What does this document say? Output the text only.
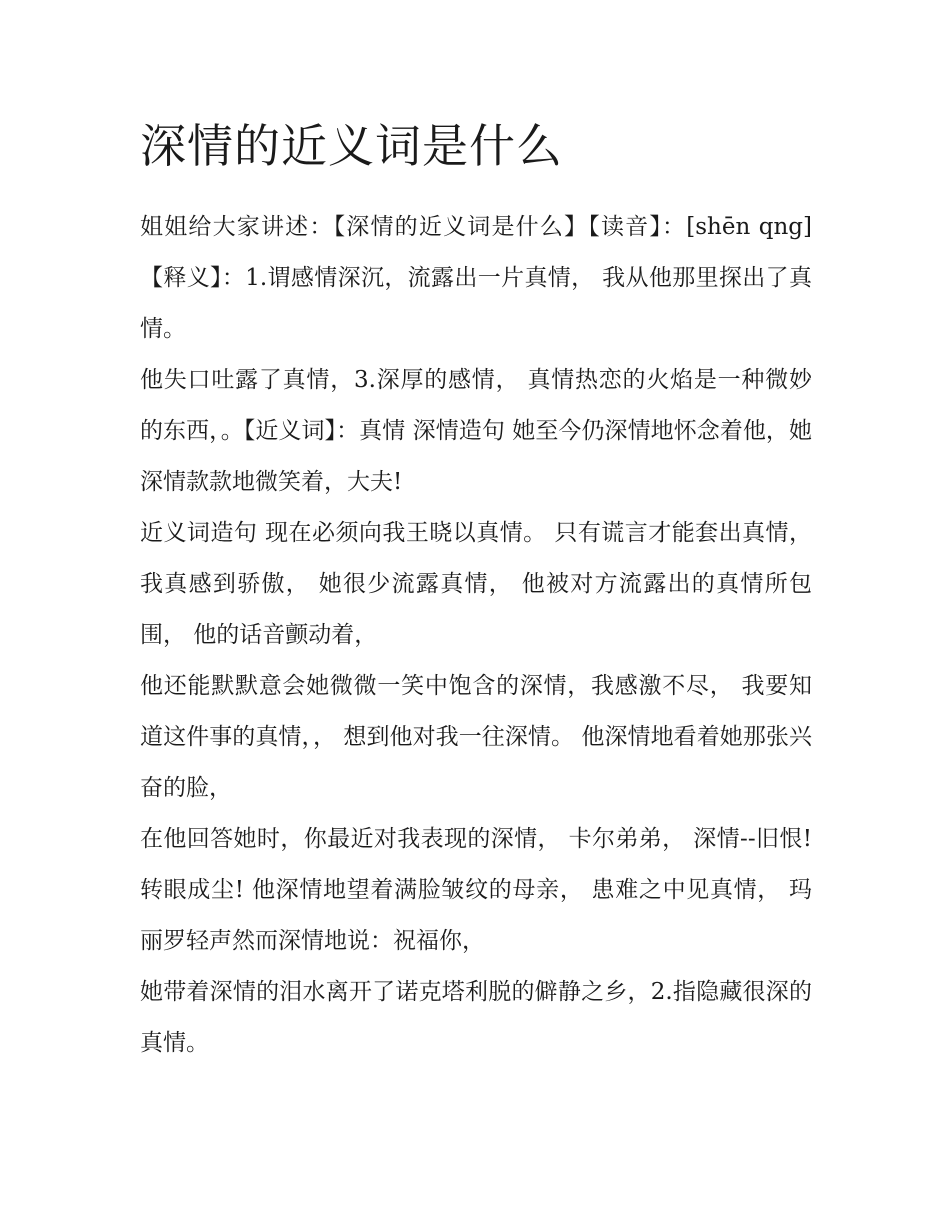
深情的近义词是什么

姐姐给大家讲述：【深情的近义词是什么】【读音】：[shēn qng]【释义】：1.谓感情深沉，流露出一片真情， 我从他那里探出了真情。

他失口吐露了真情，3.深厚的感情， 真情热恋的火焰是一种微妙的东西，。【近义词】：真情 深情造句 她至今仍深情地怀念着他，她深情款款地微笑着，大夫!

近义词造句 现在必须向我王晓以真情。 只有谎言才能套出真情，我真感到骄傲， 她很少流露真情， 他被对方流露出的真情所包围， 他的话音颤动着，

他还能默默意会她微微一笑中饱含的深情，我感激不尽， 我要知道这件事的真情，， 想到他对我一往深情。 他深情地看着她那张兴奋的脸，

在他回答她时，你最近对我表现的深情， 卡尔弟弟， 深情--旧恨!转眼成尘! 他深情地望着满脸皱纹的母亲， 患难之中见真情， 玛丽罗轻声然而深情地说：祝福你，

她带着深情的泪水离开了诺克塔利脱的僻静之乡，2.指隐藏很深的真情。
